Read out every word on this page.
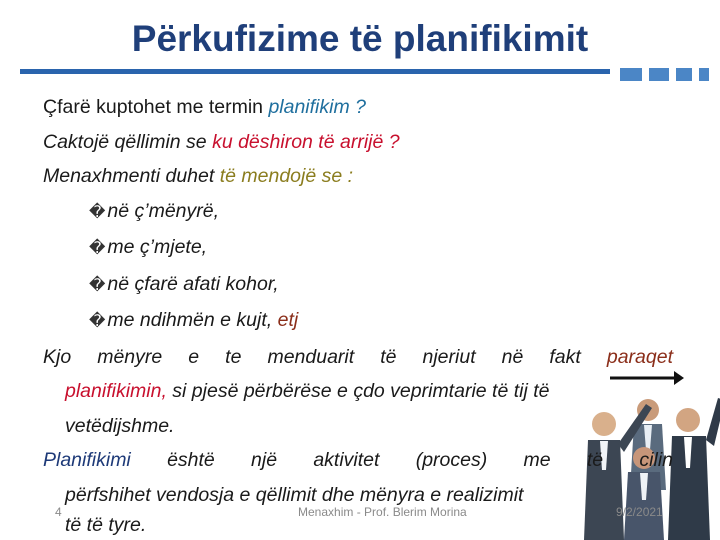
Përkufizime të planifikimit
Çfarë kuptohet me termin planifikim ?
Caktojë qëllimin se ku dëshiron të arrijë ?
Menaxhmenti duhet të mendojë se :
� në ç’mënyrë,
� me ç’mjete,
� në çfarë afati kohor,
� me ndihmën e kujt, etj
Kjo mënyre e te menduarit të njeriut në fakt paraqet
planifikimin, si pjesë përbërëse e çdo veprimtarie të tij të
vetëdijshme.
Planifikimi është një aktivitet (proces) me të cilin
përfshihet vendosja e qëllimit dhe mënyra e realizimit
të të tyre.
4	Menaxhim - Prof. Blerim Morina	9/2/2021
